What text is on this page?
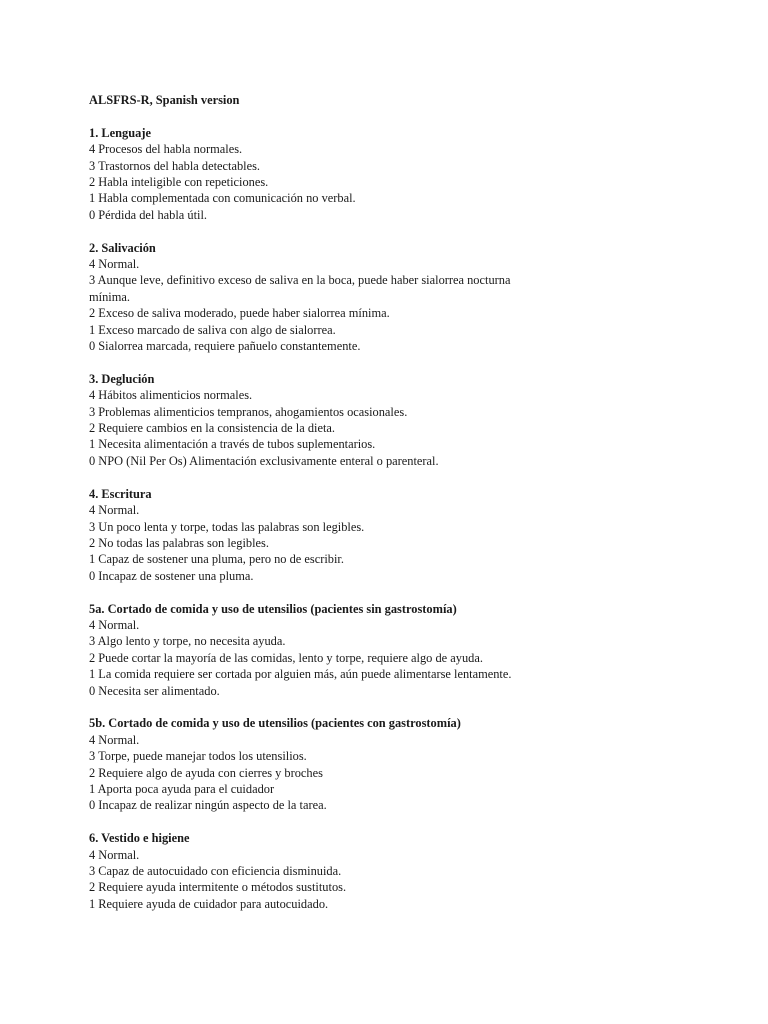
ALSFRS-R, Spanish version
1. Lenguaje
4 Procesos del habla normales.
3 Trastornos del habla detectables.
2 Habla inteligible con repeticiones.
1 Habla complementada con comunicación no verbal.
0 Pérdida del habla útil.
2. Salivación
4 Normal.
3 Aunque leve, definitivo exceso de saliva en la boca, puede haber sialorrea nocturna mínima.
2 Exceso de saliva moderado, puede haber sialorrea mínima.
1 Exceso marcado de saliva con algo de sialorrea.
0 Sialorrea marcada, requiere pañuelo constantemente.
3. Deglución
4 Hábitos alimenticios normales.
3 Problemas alimenticios tempranos, ahogamientos ocasionales.
2 Requiere cambios en la consistencia de la dieta.
1 Necesita alimentación a través de tubos suplementarios.
0 NPO (Nil Per Os) Alimentación exclusivamente enteral o parenteral.
4. Escritura
4 Normal.
3 Un poco lenta y torpe, todas las palabras son legibles.
2 No todas las palabras son legibles.
1 Capaz de sostener una pluma, pero no de escribir.
0 Incapaz de sostener una pluma.
5a. Cortado de comida y uso de utensilios (pacientes sin gastrostomía)
4 Normal.
3 Algo lento y torpe, no necesita ayuda.
2 Puede cortar la mayoría de las comidas, lento y torpe, requiere algo de ayuda.
1 La comida requiere ser cortada por alguien más, aún puede alimentarse lentamente.
0 Necesita ser alimentado.
5b. Cortado de comida y uso de utensilios (pacientes con gastrostomía)
4 Normal.
3 Torpe, puede manejar todos los utensilios.
2 Requiere algo de ayuda con cierres y broches
1 Aporta poca ayuda para el cuidador
0 Incapaz de realizar ningún aspecto de la tarea.
6. Vestido e higiene
4 Normal.
3 Capaz de autocuidado con eficiencia disminuida.
2 Requiere ayuda intermitente o métodos sustitutos.
1 Requiere ayuda de cuidador para autocuidado.
